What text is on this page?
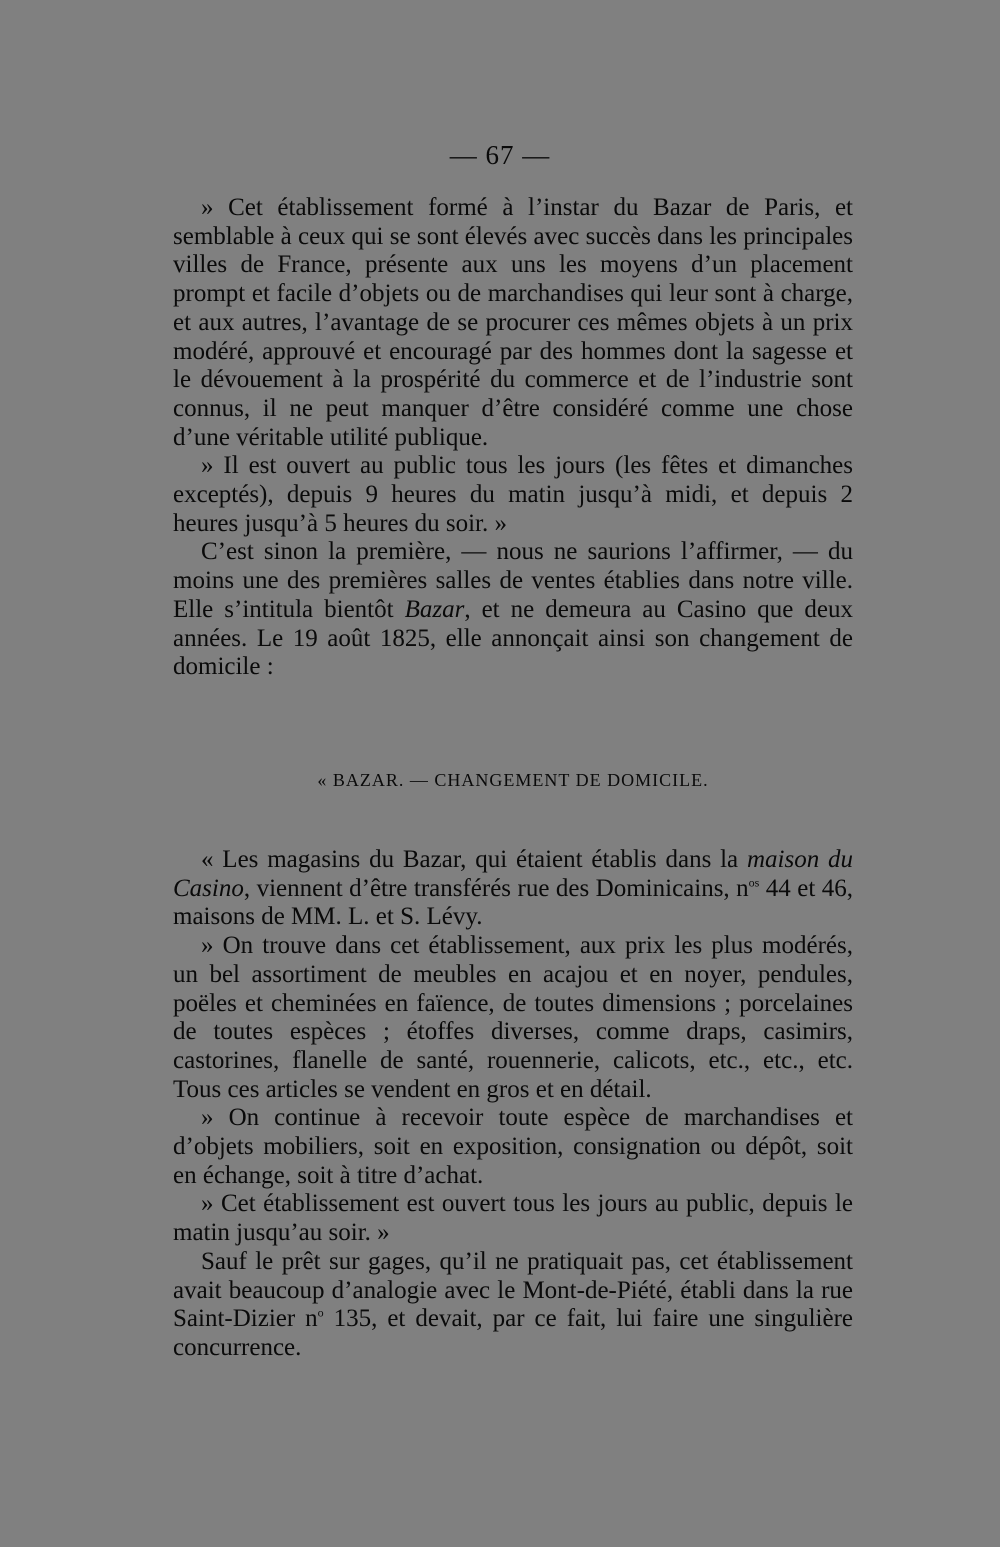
— 67 —

» Cet établissement formé à l’instar du Bazar de Paris, et semblable à ceux qui se sont élevés avec succès dans les principales villes de France, présente aux uns les moyens d’un placement prompt et facile d’objets ou de marchandises qui leur sont à charge, et aux autres, l’avantage de se procurer ces mêmes objets à un prix modéré, approuvé et encouragé par des hommes dont la sagesse et le dévouement à la prospérité du commerce et de l’industrie sont connus, il ne peut manquer d’être considéré comme une chose d’une véritable utilité publique.

» Il est ouvert au public tous les jours (les fêtes et dimanches exceptés), depuis 9 heures du matin jusqu’à midi, et depuis 2 heures jusqu’à 5 heures du soir. »

C’est sinon la première, — nous ne saurions l’affirmer, — du moins une des premières salles de ventes établies dans notre ville. Elle s’intitula bientôt Bazar, et ne demeura au Casino que deux années. Le 19 août 1825, elle annonçait ainsi son changement de domicile :

« BAZAR. — CHANGEMENT DE DOMICILE.

« Les magasins du Bazar, qui étaient établis dans la maison du Casino, viennent d’être transférés rue des Dominicains, $n^{os}$ 44 et 46, maisons de MM. L. et S. Lévy.

» On trouve dans cet établissement, aux prix les plus modérés, un bel assortiment de meubles en acajou et en noyer, pendules, poëles et cheminées en faïence, de toutes dimensions ; porcelaines de toutes espèces ; étoffes diverses, comme draps, casimirs, castorines, flanelle de santé, rouennerie, calicots, etc., etc., etc. Tous ces articles se vendent en gros et en détail.

» On continue à recevoir toute espèce de marchandises et d’objets mobiliers, soit en exposition, consignation ou dépôt, soit en échange, soit à titre d’achat.

» Cet établissement est ouvert tous les jours au public, depuis le matin jusqu’au soir. »

Sauf le prêt sur gages, qu’il ne pratiquait pas, cet établissement avait beaucoup d’analogie avec le Mont-de-Piété, établi dans la rue Saint-Dizier $n^o$ 135, et devait, par ce fait, lui faire une singulière concurrence.
